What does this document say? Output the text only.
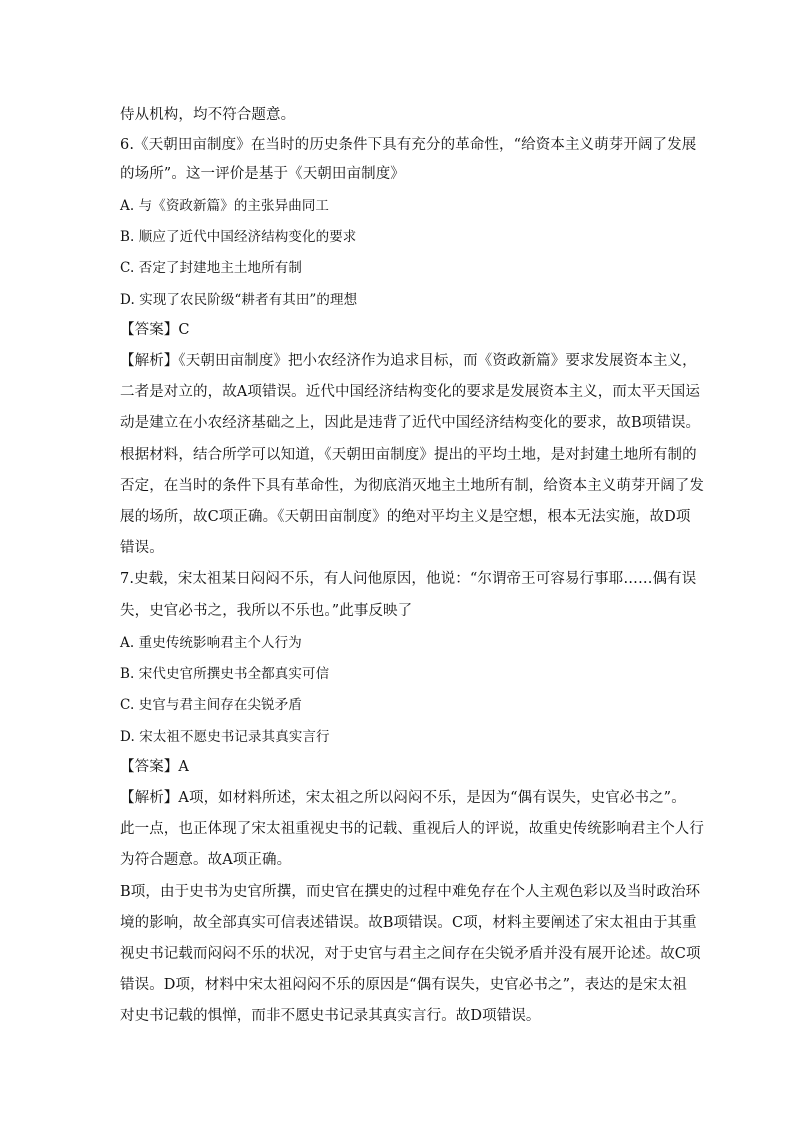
侍从机构，均不符合题意。
6.《天朝田亩制度》在当时的历史条件下具有充分的革命性，“给资本主义萌芽开阔了发展
的场所”。这一评价是基于《天朝田亩制度》
A. 与《资政新篇》的主张异曲同工
B. 顺应了近代中国经济结构变化的要求
C. 否定了封建地主土地所有制
D. 实现了农民阶级“耕者有其田”的理想
【答案】C
【解析】《天朝田亩制度》把小农经济作为追求目标，而《资政新篇》要求发展资本主义，
二者是对立的，故A项错误。近代中国经济结构变化的要求是发展资本主义，而太平天国运
动是建立在小农经济基础之上，因此是违背了近代中国经济结构变化的要求，故B项错误。
根据材料，结合所学可以知道，《天朝田亩制度》提出的平均土地，是对封建土地所有制的
否定，在当时的条件下具有革命性，为彻底消灭地主土地所有制，给资本主义萌芽开阔了发
展的场所，故C项正确。《天朝田亩制度》的绝对平均主义是空想，根本无法实施，故D项
错误。
7.史载，宋太祖某日闷闷不乐，有人问他原因，他说：“尔谓帝王可容易行事耶……偶有误
失，史官必书之，我所以不乐也。”此事反映了
A. 重史传统影响君主个人行为
B. 宋代史官所撰史书全都真实可信
C. 史官与君主间存在尖锐矛盾
D. 宋太祖不愿史书记录其真实言行
【答案】A
【解析】A项，如材料所述，宋太祖之所以闷闷不乐，是因为“偶有误失，史官必书之”。
此一点，也正体现了宋太祖重视史书的记载、重视后人的评说，故重史传统影响君主个人行
为符合题意。故A项正确。
B项，由于史书为史官所撰，而史官在撰史的过程中难免存在个人主观色彩以及当时政治环
境的影响，故全部真实可信表述错误。故B项错误。C项，材料主要阐述了宋太祖由于其重
视史书记载而闷闷不乐的状况，对于史官与君主之间存在尖锐矛盾并没有展开论述。故C项
错误。D项，材料中宋太祖闷闷不乐的原因是“偶有误失，史官必书之”，表达的是宋太祖
对史书记载的惧惮，而非不愿史书记录其真实言行。故D项错误。
